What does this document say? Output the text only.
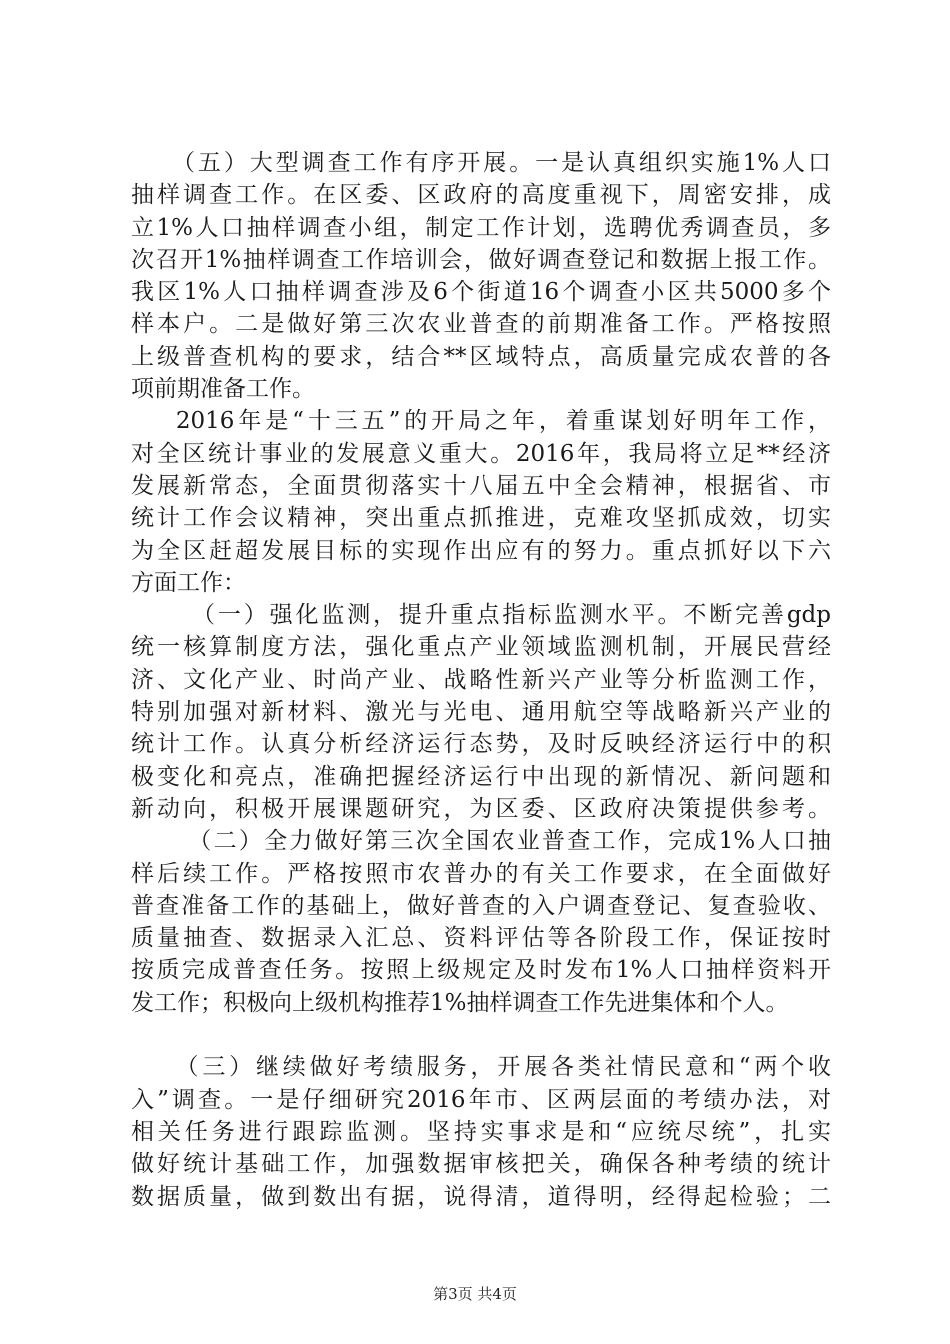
（五）大型调查工作有序开展。一是认真组织实施1%人口
抽样调查工作。在区委、区政府的高度重视下，周密安排，成
立1%人口抽样调查小组，制定工作计划，选聘优秀调查员，多
次召开1%抽样调查工作培训会，做好调查登记和数据上报工作。
我区1%人口抽样调查涉及6个街道16个调查小区共5000多个
样本户。二是做好第三次农业普查的前期准备工作。严格按照
上级普查机构的要求，结合**区域特点，高质量完成农普的各
项前期准备工作。
2016年是“十三五”的开局之年，着重谋划好明年工作，
对全区统计事业的发展意义重大。2016年，我局将立足**经济
发展新常态，全面贯彻落实十八届五中全会精神，根据省、市
统计工作会议精神，突出重点抓推进，克难攻坚抓成效，切实
为全区赶超发展目标的实现作出应有的努力。重点抓好以下六
方面工作：
（一）强化监测，提升重点指标监测水平。不断完善gdp
统一核算制度方法，强化重点产业领域监测机制，开展民营经
济、文化产业、时尚产业、战略性新兴产业等分析监测工作，
特别加强对新材料、激光与光电、通用航空等战略新兴产业的
统计工作。认真分析经济运行态势，及时反映经济运行中的积
极变化和亮点，准确把握经济运行中出现的新情况、新问题和
新动向，积极开展课题研究，为区委、区政府决策提供参考。
（二）全力做好第三次全国农业普查工作，完成1%人口抽
样后续工作。严格按照市农普办的有关工作要求，在全面做好
普查准备工作的基础上，做好普查的入户调查登记、复查验收、
质量抽查、数据录入汇总、资料评估等各阶段工作，保证按时
按质完成普查任务。按照上级规定及时发布1%人口抽样资料开
发工作；积极向上级机构推荐1%抽样调查工作先进集体和个人。
（三）继续做好考绩服务，开展各类社情民意和“两个收
入”调查。一是仔细研究2016年市、区两层面的考绩办法，对
相关任务进行跟踪监测。坚持实事求是和“应统尽统”，扎实
做好统计基础工作，加强数据审核把关，确保各种考绩的统计
数据质量，做到数出有据，说得清，道得明，经得起检验；二
第3页 共4页
